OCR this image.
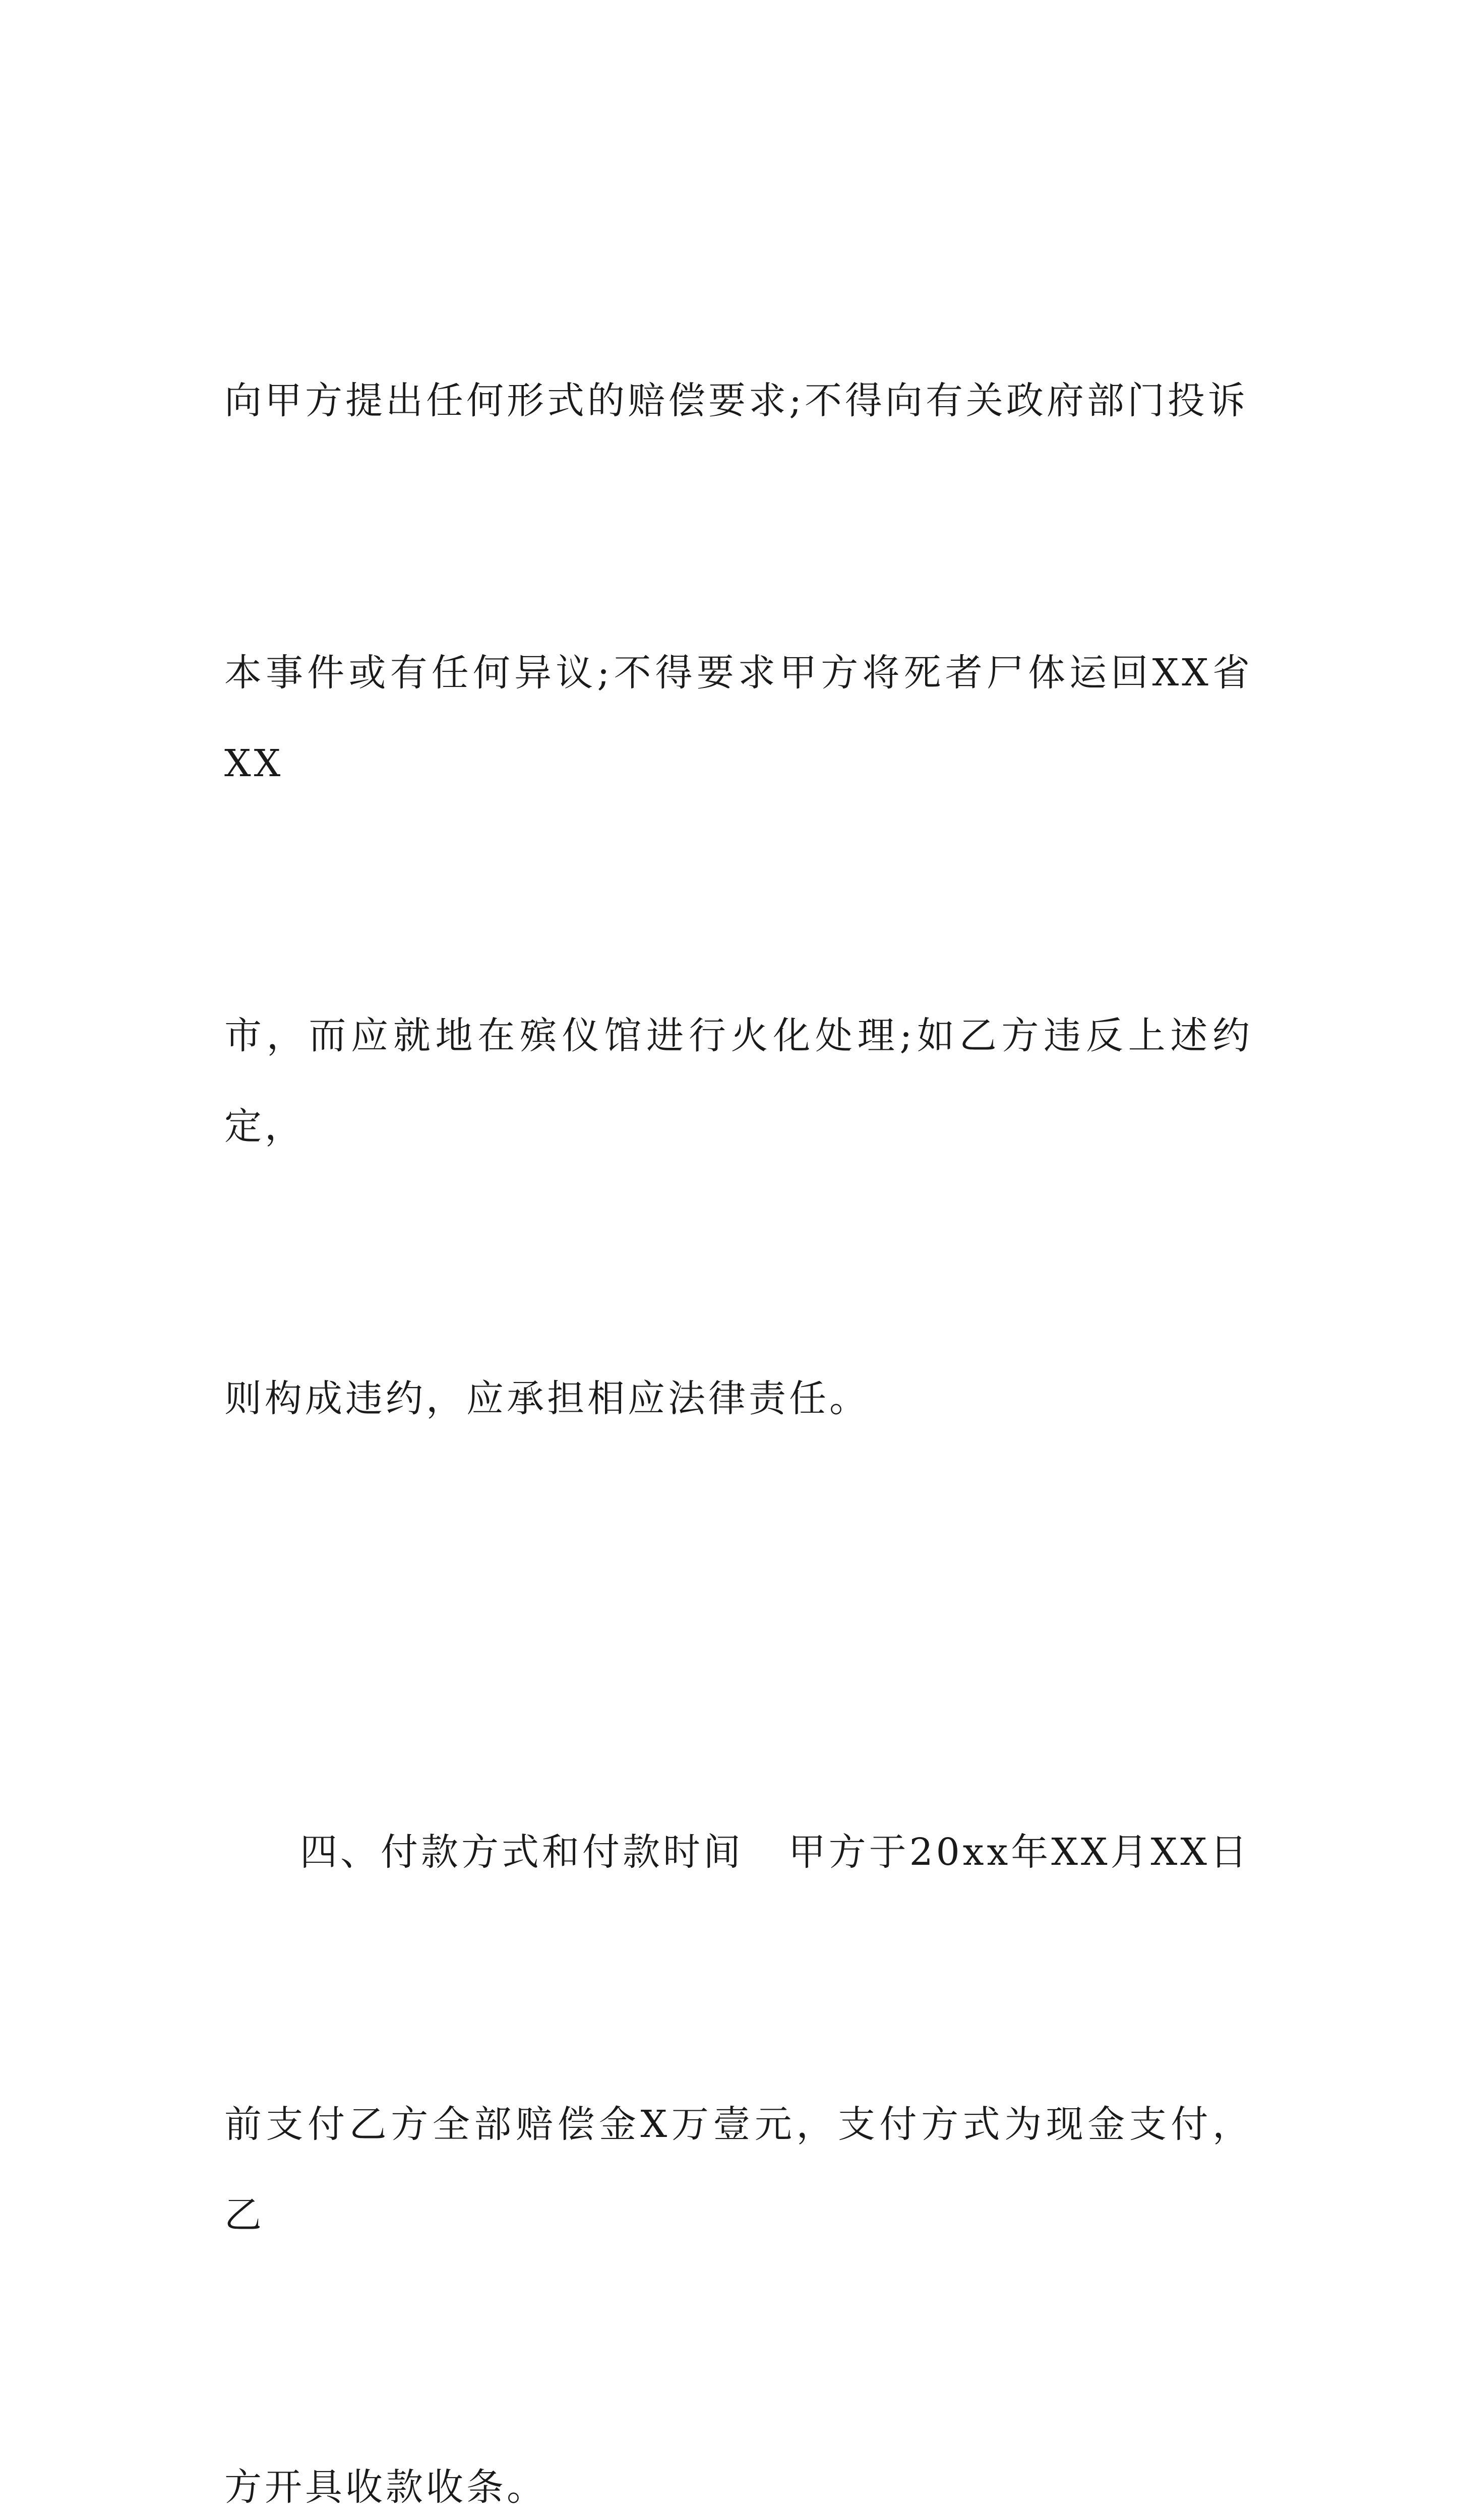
向甲方提出任何形式的赔偿要求;不得向有关政府部门投诉

本事件或有任何异议;不得要求甲方将死者尸体运回XX省XX

市，而应就地在殡仪馆进行火化处理;如乙方违反上述约定，

则构成违约，应承担相应法律责任。

四、付款方式和付款时间   甲方于20xx年XX月XX日

前支付乙方全部赔偿金X万壹元，支付方式为现金支付，乙

方开具收款收条。
